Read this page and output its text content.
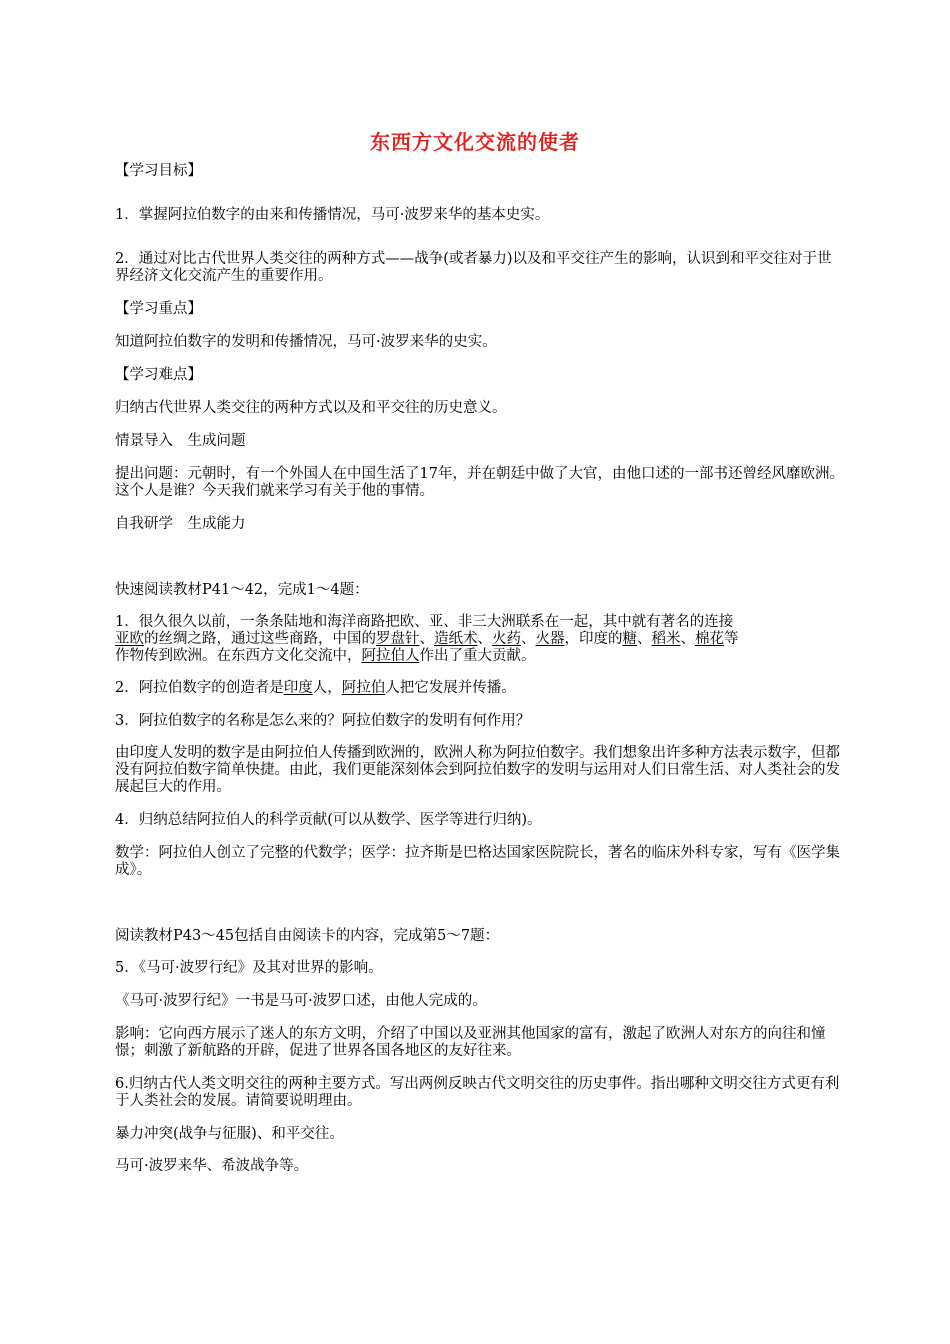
东西方文化交流的使者

【学习目标】

1．掌握阿拉伯数字的由来和传播情况，马可·波罗来华的基本史实。

2．通过对比古代世界人类交往的两种方式——战争(或者暴力)以及和平交往产生的影响，认识到和平交往对于世界经济文化交流产生的重要作用。

【学习重点】

知道阿拉伯数字的发明和传播情况，马可·波罗来华的史实。

【学习难点】

归纳古代世界人类交往的两种方式以及和平交往的历史意义。

情景导入　生成问题

提出问题：元朝时，有一个外国人在中国生活了17年，并在朝廷中做了大官，由他口述的一部书还曾经风靡欧洲。这个人是谁？今天我们就来学习有关于他的事情。

自我研学　生成能力

快速阅读教材P41～42，完成1～4题：

1．很久很久以前，一条条陆地和海洋商路把欧、亚、非三大洲联系在一起，其中就有著名的连接
亚欧的丝绸之路，通过这些商路，中国的罗盘针、造纸术、火药、火器，印度的糖、稻米、棉花等
作物传到欧洲。在东西方文化交流中，阿拉伯人作出了重大贡献。

2．阿拉伯数字的创造者是印度人，阿拉伯人把它发展并传播。

3．阿拉伯数字的名称是怎么来的？阿拉伯数字的发明有何作用？

由印度人发明的数字是由阿拉伯人传播到欧洲的，欧洲人称为阿拉伯数字。我们想象出许多种方法表示数字，但都没有阿拉伯数字简单快捷。由此，我们更能深刻体会到阿拉伯数字的发明与运用对人们日常生活、对人类社会的发展起巨大的作用。

4．归纳总结阿拉伯人的科学贡献(可以从数学、医学等进行归纳)。

数学：阿拉伯人创立了完整的代数学；医学：拉齐斯是巴格达国家医院院长，著名的临床外科专家，写有《医学集成》。

阅读教材P43～45包括自由阅读卡的内容，完成第5～7题：

5．《马可·波罗行纪》及其对世界的影响。

《马可·波罗行纪》一书是马可·波罗口述，由他人完成的。

影响：它向西方展示了迷人的东方文明，介绍了中国以及亚洲其他国家的富有，激起了欧洲人对东方的向往和憧憬；刺激了新航路的开辟，促进了世界各国各地区的友好往来。

6.归纳古代人类文明交往的两种主要方式。写出两例反映古代文明交往的历史事件。指出哪种文明交往方式更有利于人类社会的发展。请简要说明理由。

暴力冲突(战争与征服)、和平交往。

马可·波罗来华、希波战争等。
